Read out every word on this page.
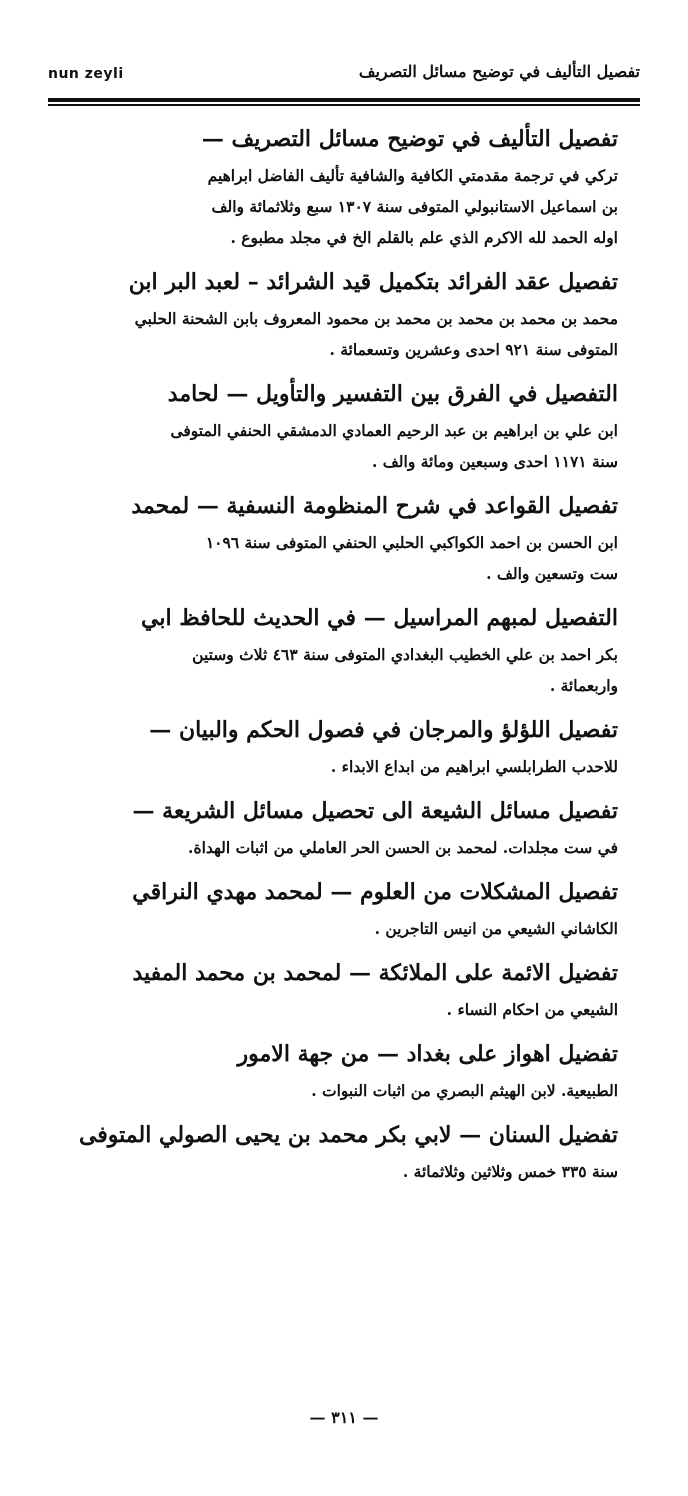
nun zeyli	تفصيل التأليف في توضيح مسائل التصريف
تفصيل التأليف في توضيح مسائل التصريف —
تركي في ترجمة مقدمتي الكافية والشافية تأليف الفاضل ابراهيم
بن اسماعيل الاستانبولي المتوفى سنة ١٣٠٧ سبع وثلاثمائة والف
اوله الحمد لله الاكرم الذي علم بالقلم الخ في مجلد مطبوع .
تفصيل عقد الفرائد بتكميل قيد الشرائد – لعبد البر ابن
محمد بن محمد بن محمد بن محمد بن محمود المعروف بابن الشحنة الحلبي
المتوفى سنة ٩٢١ احدى وعشرين وتسعمائة .
التفصيل في الفرق بين التفسير والتأويل — لحامد
ابن علي بن ابراهيم بن عبد الرحيم العمادي الدمشقي الحنفي المتوفى
سنة ١١٧١ احدى وسبعين ومائة والف .
تفصيل القواعد في شرح المنظومة النسفية — لمحمد
ابن الحسن بن احمد الكواكبي الحلبي الحنفي المتوفى سنة ١٠٩٦
ست وتسعين والف .
التفصيل لمبهم المراسيل — في الحديث للحافظ ابي
بكر احمد بن علي الخطيب البغدادي المتوفى سنة ٤٦٣ ثلاث وستين
واربعمائة .
تفصيل اللؤلؤ والمرجان في فصول الحكم والبيان —
للاحدب الطرابلسي ابراهيم من ابداع الابداء .
تفصيل مسائل الشيعة الى تحصيل مسائل الشريعة —
في ست مجلدات. لمحمد بن الحسن الحر العاملي من اثبات الهداة.
تفصيل المشكلات من العلوم — لمحمد مهدي النراقي
الكاشاني الشيعي من انيس التاجرين .
تفضيل الائمة على الملائكة — لمحمد بن محمد المفيد
الشيعي من احكام النساء .
تفضيل اهواز على بغداد — من جهة الامور
الطبيعية. لابن الهيثم البصري من اثبات النبوات .
تفضيل السنان — لابي بكر محمد بن يحيى الصولي المتوفى
سنة ٣٣٥ خمس وثلاثين وثلاثمائة .
— ٣١١ —
